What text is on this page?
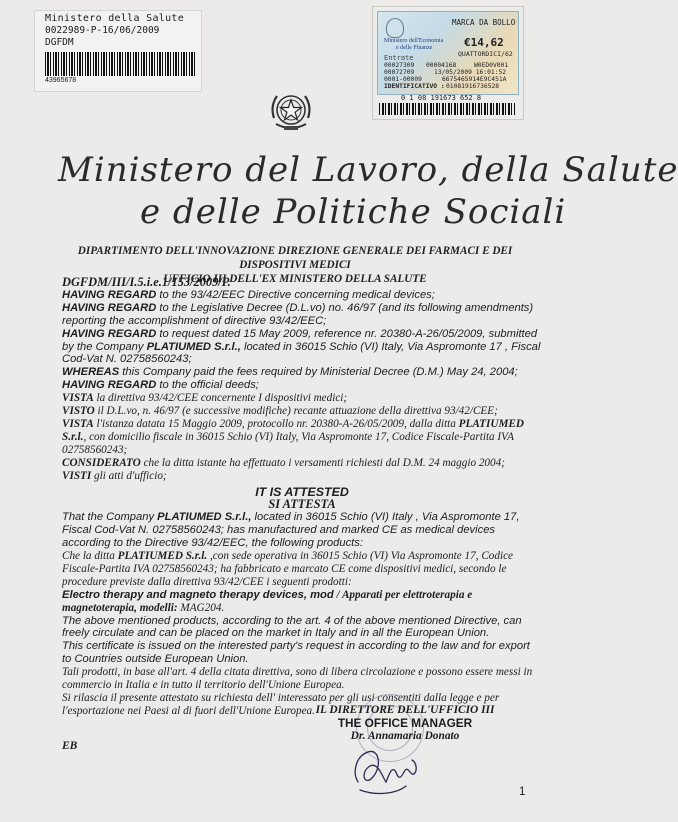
Ministero della Salute
0022989-P-16/06/2009
DGFDM
43965678
MARCA DA BOLLO
Ministero dell'Economia
e delle Finanze	€14,62
QUATTORDICI/62
Entrate
00027309 00004168	W0ED0V001
00072709	13/05/2009 16:01:52
0001-00009	6675465914E9C451A
IDENTIFICATIVO : 01081916736528
0 1 08 191673 652 8
Ministero del Lavoro, della Salute
e delle Politiche Sociali
DIPARTIMENTO DELL'INNOVAZIONE DIREZIONE GENERALE DEI FARMACI E DEI DISPOSITIVI MEDICI
UFFICIO III DELL'EX MINISTERO DELLA SALUTE

DGFDM/III/I.5.i.e.1/153/2009/P.

HAVING REGARD to the 93/42/EEC Directive concerning medical devices;

HAVING REGARD to the Legislative Decree (D.L.vo) no. 46/97 (and its following amendments) reporting the accomplishment of directive 93/42/EEC;

HAVING REGARD to request dated 15 May 2009, reference nr. 20380-A-26/05/2009, submitted by the Company PLATIUMED S.r.l., located in 36015 Schio (VI) Italy, Via Aspromonte 17 , Fiscal Cod-Vat N. 02758560243;

WHEREAS this Company paid the fees required by Ministerial Decree (D.M.) May 24, 2004;

HAVING REGARD to the official deeds;

VISTA la direttiva 93/42/CEE concernente I dispositivi medici;

VISTO il D.L.vo, n. 46/97 (e successive modifiche) recante attuazione della direttiva 93/42/CEE;

VISTA l'istanza datata 15 Maggio 2009, protocollo nr. 20380-A-26/05/2009, dalla ditta PLATIUMED S.r.l., con domicilio fiscale in 36015 Schio (VI) Italy, Via Aspromonte 17, Codice Fiscale-Partita IVA 02758560243;

CONSIDERATO che la ditta istante ha effettuato i versamenti richiesti dal D.M. 24 maggio 2004;

VISTI gli atti d'ufficio;

IT IS ATTESTED

SI ATTESTA

That the Company PLATIUMED S.r.l., located in 36015 Schio (VI) Italy , Via Aspromonte 17, Fiscal Cod-Vat N. 02758560243; has manufactured and marked CE as medical devices according to the Directive 93/42/EEC, the following products:

Che la ditta PLATIUMED S.r.l. ,con sede operativa in 36015 Schio (VI) Via Aspromonte 17, Codice Fiscale-Partita IVA 02758560243; ha fabbricato e marcato CE come dispositivi medici, secondo le procedure previste dalla direttiva 93/42/CEE i seguenti prodotti:

Electro therapy and magneto therapy devices, mod / Apparati per elettroterapia e magnetoterapia, modelli: MAG204.

The above mentioned products, according to the art. 4 of the above mentioned Directive, can freely circulate and can be placed on the market in Italy and in all the European Union.

This certificate is issued on the interested party's request in according to the law and for export to Countries outside European Union.

Tali prodotti, in base all'art. 4 della citata direttiva, sono di libera circolazione e possono essere messi in commercio in Italia e in tutto il territorio dell'Unione Europea.

Si rilascia il presente attestato su richiesta dell' interessato per gli usi consentiti dalla legge e per l'esportazione nei Paesi al di fuori dell'Unione Europea. IL DIRETTORE DELL'UFFICIO III
THE OFFICE MANAGER
Dr. Annamaria Donato
EB
1
